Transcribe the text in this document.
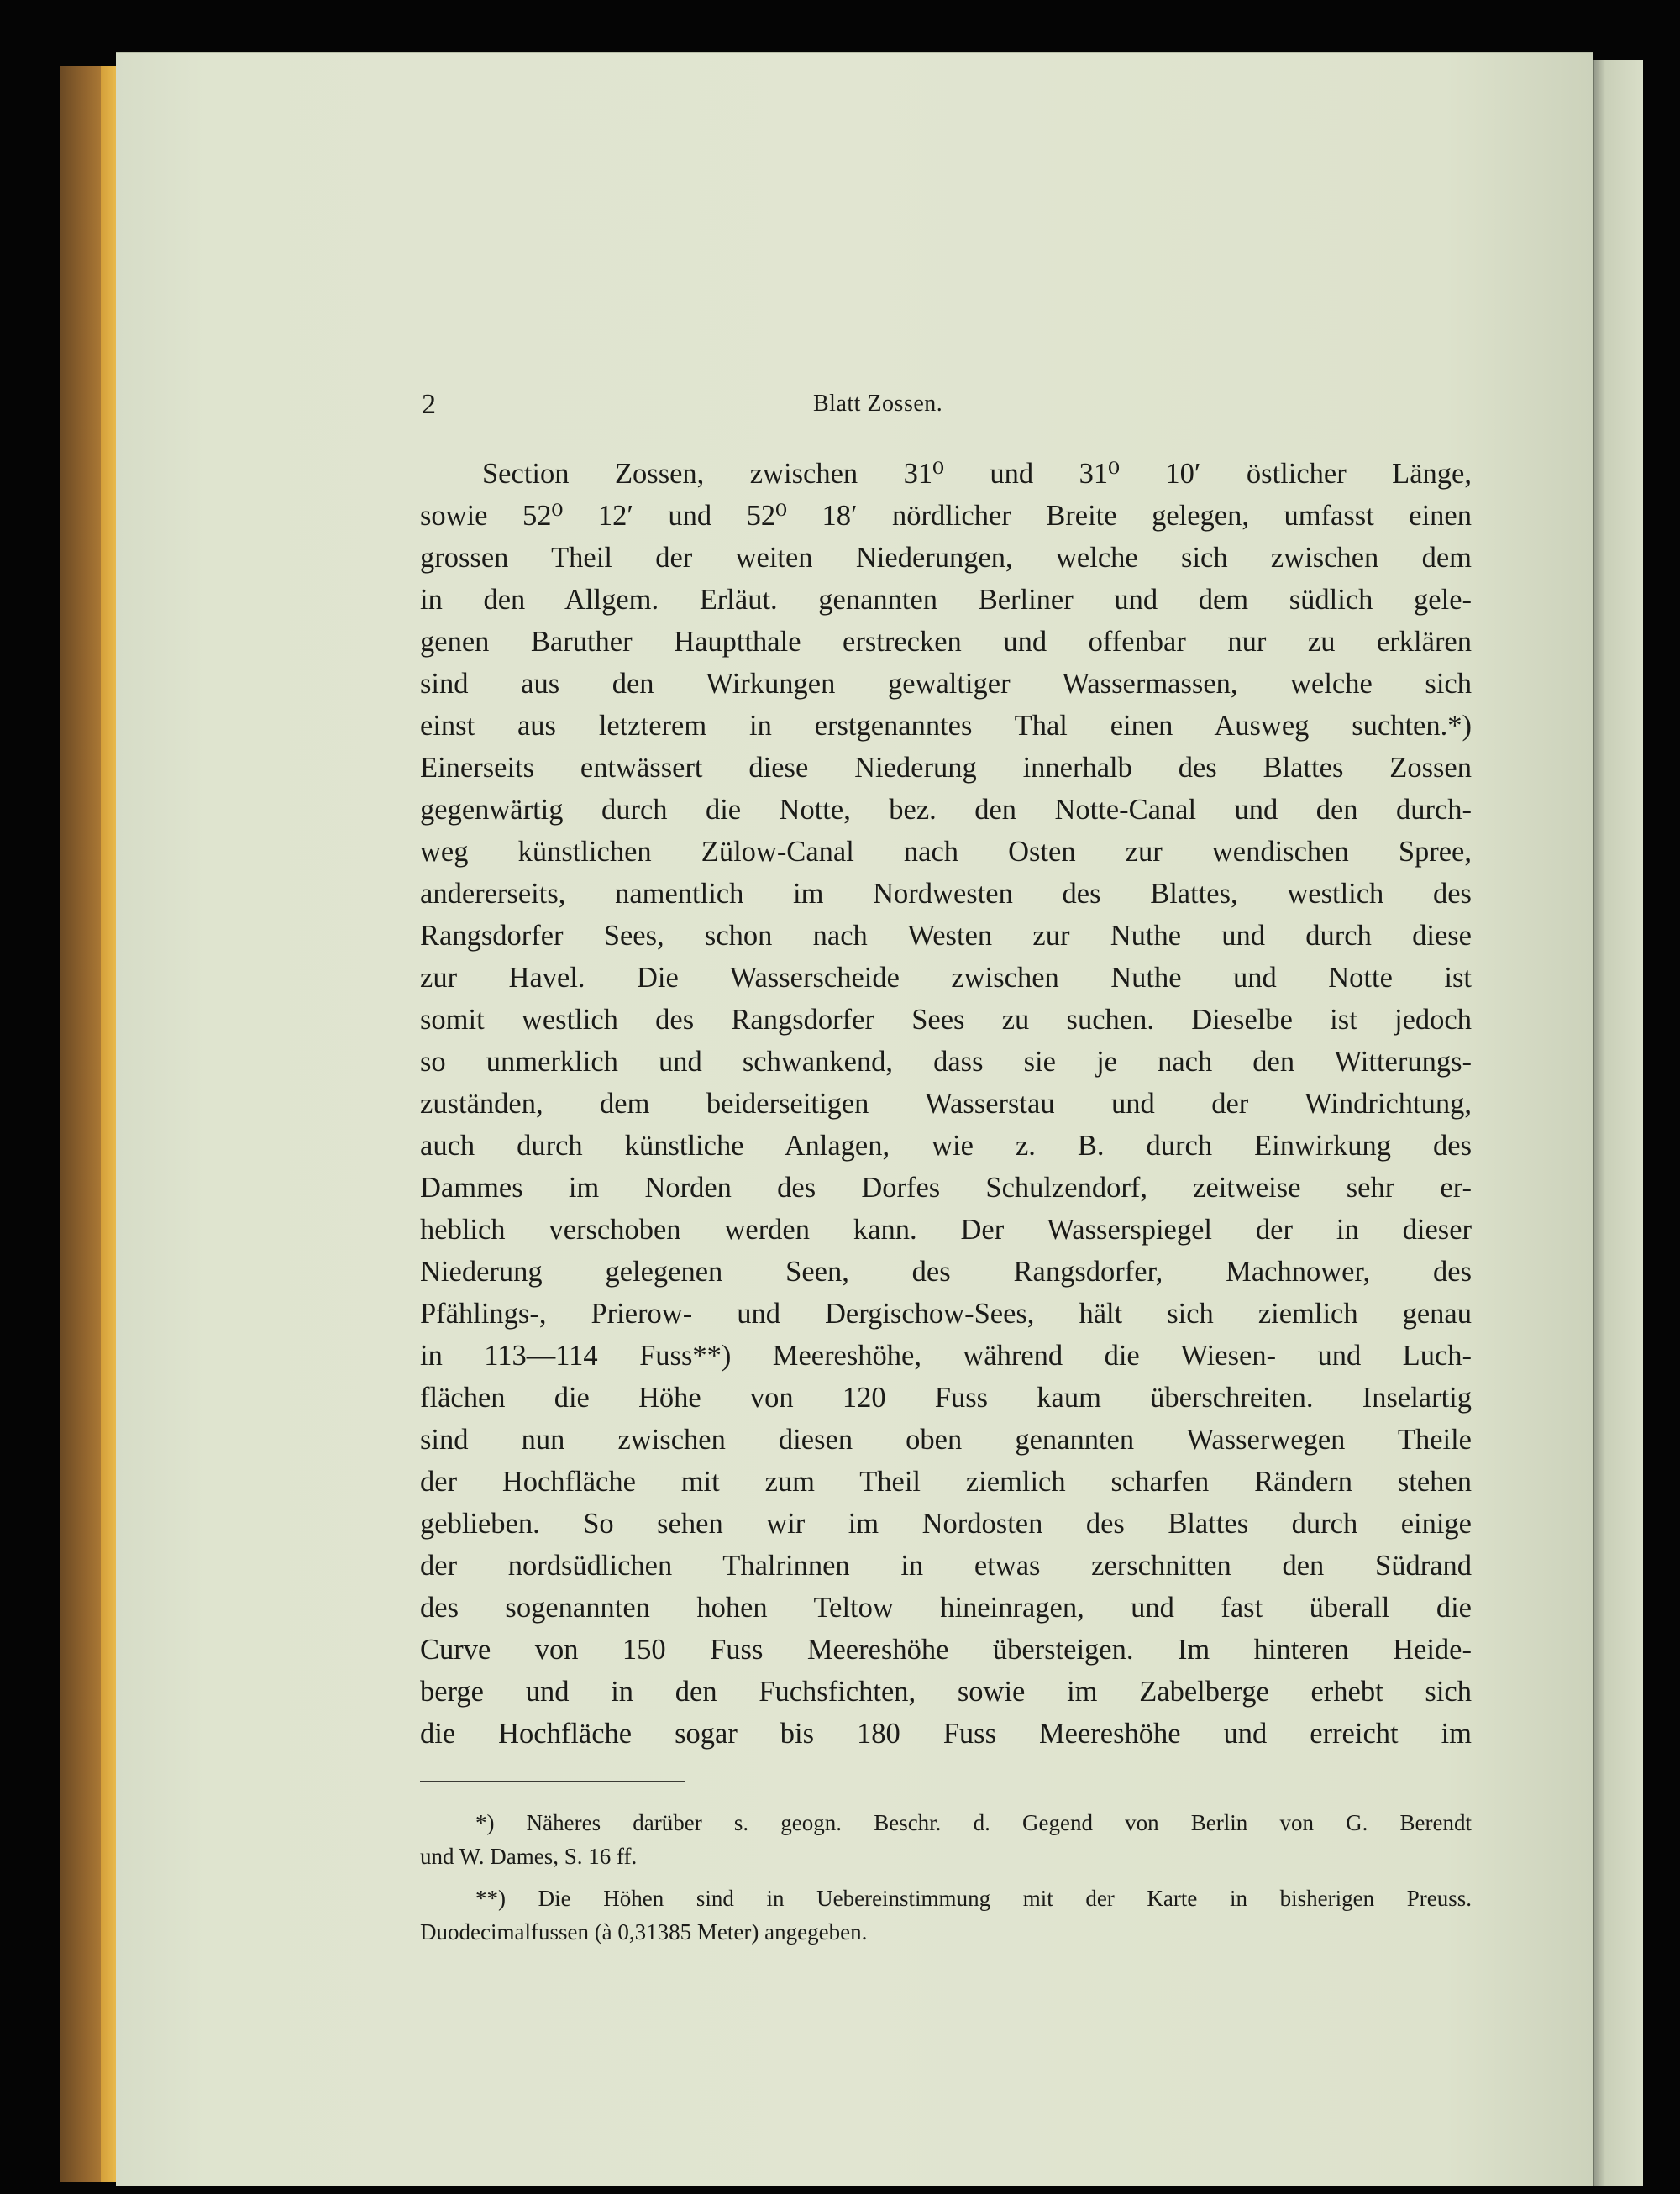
2	Blatt Zossen.
Section Zossen, zwischen 31⁰ und 31⁰ 10′ östlicher Länge,
sowie 52⁰ 12′ und 52⁰ 18′ nördlicher Breite gelegen, umfasst einen
grossen Theil der weiten Niederungen, welche sich zwischen dem
in den Allgem. Erläut. genannten Berliner und dem südlich gele-
genen Baruther Hauptthale erstrecken und offenbar nur zu erklären
sind aus den Wirkungen gewaltiger Wassermassen, welche sich
einst aus letzterem in erstgenanntes Thal einen Ausweg suchten.*)
Einerseits entwässert diese Niederung innerhalb des Blattes Zossen
gegenwärtig durch die Notte, bez. den Notte-Canal und den durch-
weg künstlichen Zülow-Canal nach Osten zur wendischen Spree,
andererseits, namentlich im Nordwesten des Blattes, westlich des
Rangsdorfer Sees, schon nach Westen zur Nuthe und durch diese
zur Havel. Die Wasserscheide zwischen Nuthe und Notte ist
somit westlich des Rangsdorfer Sees zu suchen. Dieselbe ist jedoch
so unmerklich und schwankend, dass sie je nach den Witterungs-
zuständen, dem beiderseitigen Wasserstau und der Windrichtung,
auch durch künstliche Anlagen, wie z. B. durch Einwirkung des
Dammes im Norden des Dorfes Schulzendorf, zeitweise sehr er-
heblich verschoben werden kann. Der Wasserspiegel der in dieser
Niederung gelegenen Seen, des Rangsdorfer, Machnower, des
Pfählings-, Prierow- und Dergischow-Sees, hält sich ziemlich genau
in 113—114 Fuss**) Meereshöhe, während die Wiesen- und Luch-
flächen die Höhe von 120 Fuss kaum überschreiten. Inselartig
sind nun zwischen diesen oben genannten Wasserwegen Theile
der Hochfläche mit zum Theil ziemlich scharfen Rändern stehen
geblieben. So sehen wir im Nordosten des Blattes durch einige
der nordsüdlichen Thalrinnen in etwas zerschnitten den Südrand
des sogenannten hohen Teltow hineinragen, und fast überall die
Curve von 150 Fuss Meereshöhe übersteigen. Im hinteren Heide-
berge und in den Fuchsfichten, sowie im Zabelberge erhebt sich
die Hochfläche sogar bis 180 Fuss Meereshöhe und erreicht im
*) Näheres darüber s. geogn. Beschr. d. Gegend von Berlin von G. Berendt
und W. Dames, S. 16 ff.
**) Die Höhen sind in Uebereinstimmung mit der Karte in bisherigen Preuss.
Duodecimalfussen (à 0,31385 Meter) angegeben.
